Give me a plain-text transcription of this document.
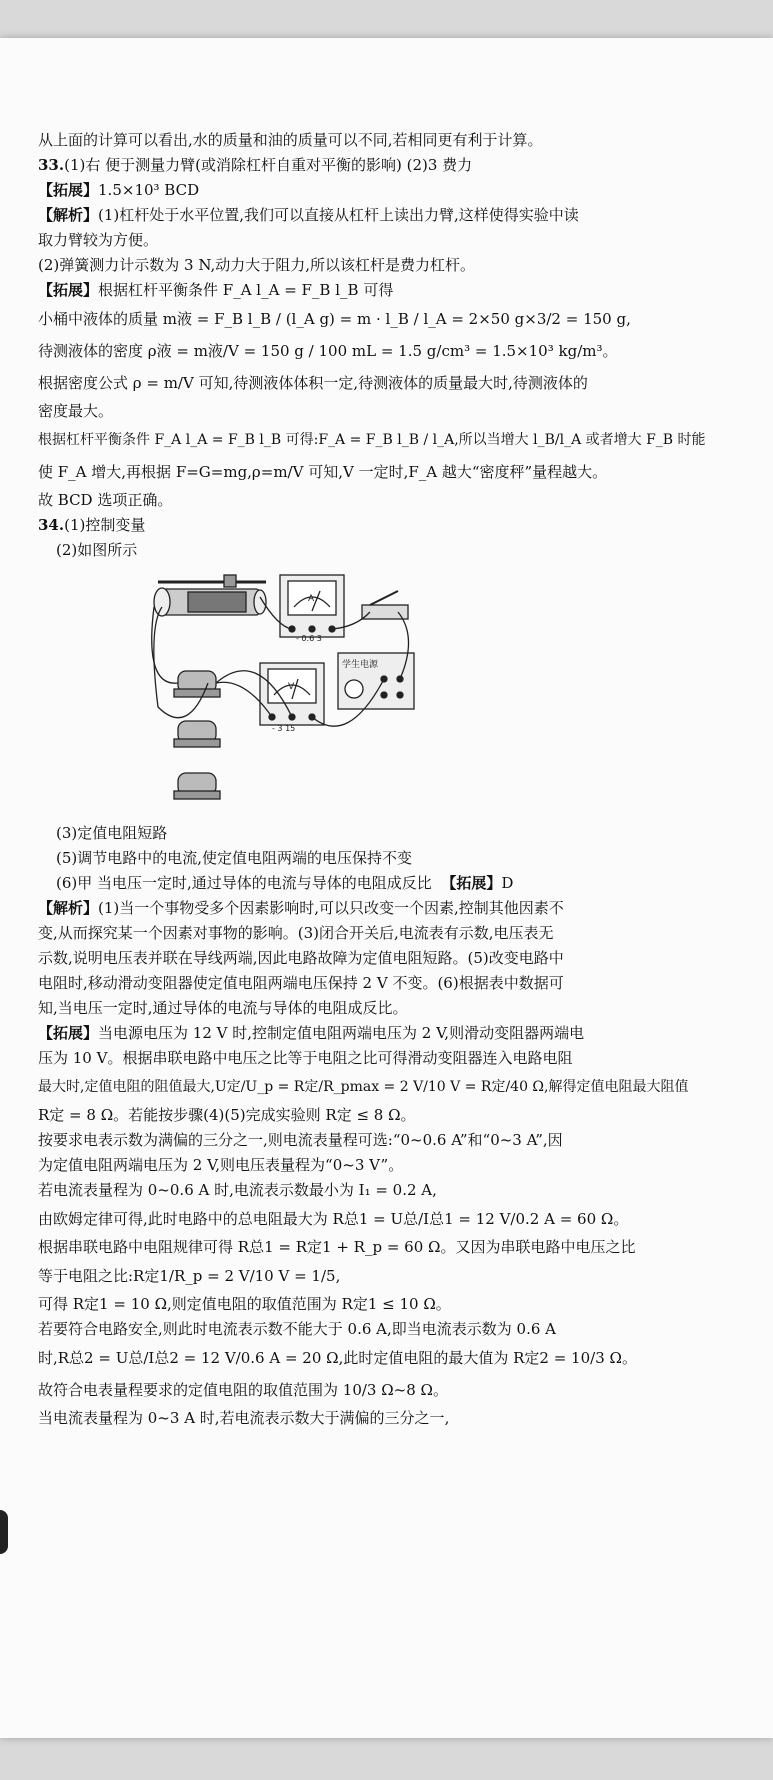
从上面的计算可以看出,水的质量和油的质量可以不同,若相同更有利于计算。
33.(1)右 便于测量力臂(或消除杠杆自重对平衡的影响) (2)3 费力
【拓展】1.5×10³ BCD
【解析】(1)杠杆处于水平位置,我们可以直接从杠杆上读出力臂,这样使得实验中读
取力臂较为方便。
(2)弹簧测力计示数为 3 N,动力大于阻力,所以该杠杆是费力杠杆。
【拓展】根据杠杆平衡条件 F_A l_A = F_B l_B 可得
小桶中液体的质量 m液 = F_B l_B / (l_A g) = m · l_B / l_A = 2×50 g×3/2 = 150 g,
待测液体的密度 ρ液 = m液/V = 150 g / 100 mL = 1.5 g/cm³ = 1.5×10³ kg/m³。
根据密度公式 ρ = m/V 可知,待测液体体积一定,待测液体的质量最大时,待测液体的
密度最大。
根据杠杆平衡条件 F_A l_A = F_B l_B 可得:F_A = F_B l_B / l_A,所以当增大 l_B/l_A 或者增大 F_B 时能
使 F_A 增大,再根据 F=G=mg,ρ=m/V 可知,V 一定时,F_A 越大“密度秤”量程越大。
故 BCD 选项正确。
34.(1)控制变量
(2)如图所示
- 0.6 3
A
- 3 15
V
学生电源
(3)定值电阻短路
(5)调节电路中的电流,使定值电阻两端的电压保持不变
(6)甲 当电压一定时,通过导体的电流与导体的电阻成反比 【拓展】D
【解析】(1)当一个事物受多个因素影响时,可以只改变一个因素,控制其他因素不
变,从而探究某一个因素对事物的影响。(3)闭合开关后,电流表有示数,电压表无
示数,说明电压表并联在导线两端,因此电路故障为定值电阻短路。(5)改变电路中
电阻时,移动滑动变阻器使定值电阻两端电压保持 2 V 不变。(6)根据表中数据可
知,当电压一定时,通过导体的电流与导体的电阻成反比。
【拓展】当电源电压为 12 V 时,控制定值电阻两端电压为 2 V,则滑动变阻器两端电
压为 10 V。根据串联电路中电压之比等于电阻之比可得滑动变阻器连入电路电阻
最大时,定值电阻的阻值最大,U定/U_p = R定/R_pmax = 2 V/10 V = R定/40 Ω,解得定值电阻最大阻值
R定 = 8 Ω。若能按步骤(4)(5)完成实验则 R定 ≤ 8 Ω。
按要求电表示数为满偏的三分之一,则电流表量程可选:“0~0.6 A”和“0~3 A”,因
为定值电阻两端电压为 2 V,则电压表量程为“0~3 V”。
若电流表量程为 0~0.6 A 时,电流表示数最小为 I₁ = 0.2 A,
由欧姆定律可得,此时电路中的总电阻最大为 R总1 = U总/I总1 = 12 V/0.2 A = 60 Ω。
根据串联电路中电阻规律可得 R总1 = R定1 + R_p = 60 Ω。又因为串联电路中电压之比
等于电阻之比:R定1/R_p = 2 V/10 V = 1/5,
可得 R定1 = 10 Ω,则定值电阻的取值范围为 R定1 ≤ 10 Ω。
若要符合电路安全,则此时电流表示数不能大于 0.6 A,即当电流表示数为 0.6 A
时,R总2 = U总/I总2 = 12 V/0.6 A = 20 Ω,此时定值电阻的最大值为 R定2 = 10/3 Ω。
故符合电表量程要求的定值电阻的取值范围为 10/3 Ω~8 Ω。
当电流表量程为 0~3 A 时,若电流表示数大于满偏的三分之一,
